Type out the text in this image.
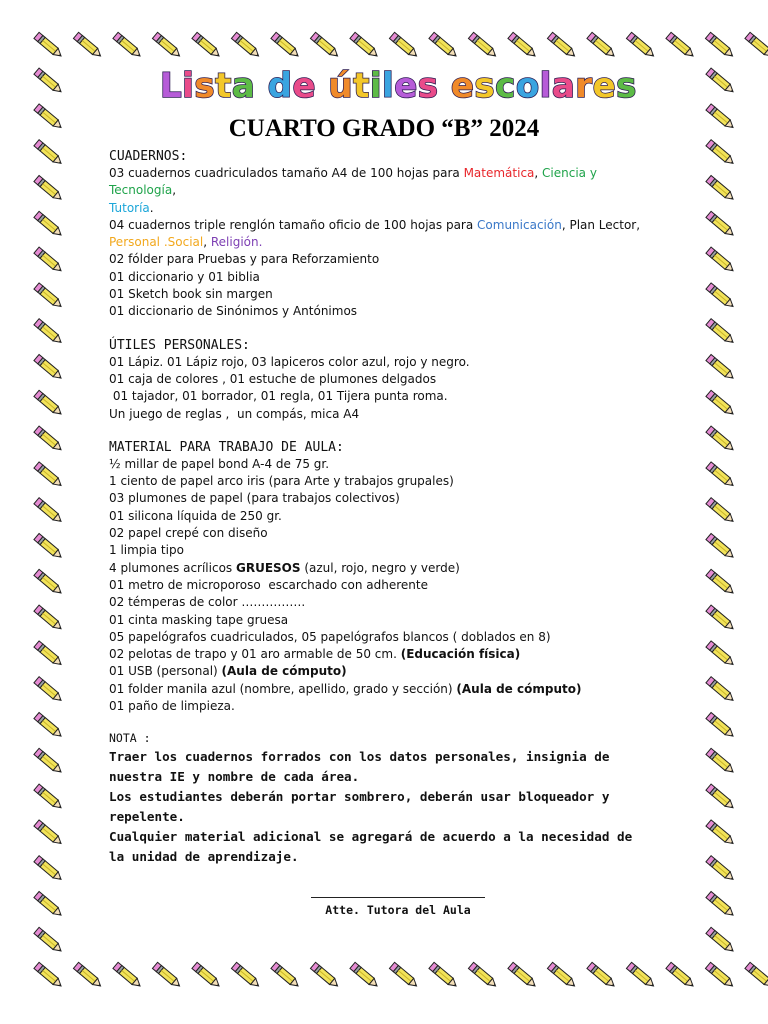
Lista de útiles escolares
CUARTO GRADO “B” 2024
CUADERNOS:
03 cuadernos cuadriculados tamaño A4 de 100 hojas para Matemática, Ciencia y Tecnología,
Tutoría.
04 cuadernos triple renglón tamaño oficio de 100 hojas para Comunicación, Plan Lector,
Personal .Social, Religión.
02 fólder para Pruebas y para Reforzamiento
01 diccionario y 01 biblia
01 Sketch book sin margen
01 diccionario de Sinónimos y Antónimos
ÚTILES PERSONALES:
01 Lápiz. 01 Lápiz rojo, 03 lapiceros color azul, rojo y negro.
01 caja de colores , 01 estuche de plumones delgados
01 tajador, 01 borrador, 01 regla, 01 Tijera punta roma.
Un juego de reglas ,  un compás, mica A4
MATERIAL PARA TRABAJO DE AULA:
½ millar de papel bond A-4 de 75 gr.
1 ciento de papel arco iris (para Arte y trabajos grupales)
03 plumones de papel (para trabajos colectivos)
01 silicona líquida de 250 gr.
02 papel crepé con diseño
1 limpia tipo
4 plumones acrílicos GRUESOS (azul, rojo, negro y verde)
01 metro de microporoso  escarchado con adherente
02 témperas de color …………….
01 cinta masking tape gruesa
05 papelógrafos cuadriculados, 05 papelógrafos blancos ( doblados en 8)
02 pelotas de trapo y 01 aro armable de 50 cm. (Educación física)
01 USB (personal) (Aula de cómputo)
01 folder manila azul (nombre, apellido, grado y sección) (Aula de cómputo)
01 paño de limpieza.
NOTA :
Traer los cuadernos forrados con los datos personales, insignia de nuestra IE y nombre de cada área.
Los estudiantes deberán portar sombrero, deberán usar bloqueador y repelente.
Cualquier material adicional se agregará de acuerdo a la necesidad de la unidad de aprendizaje.
Atte. Tutora del Aula
